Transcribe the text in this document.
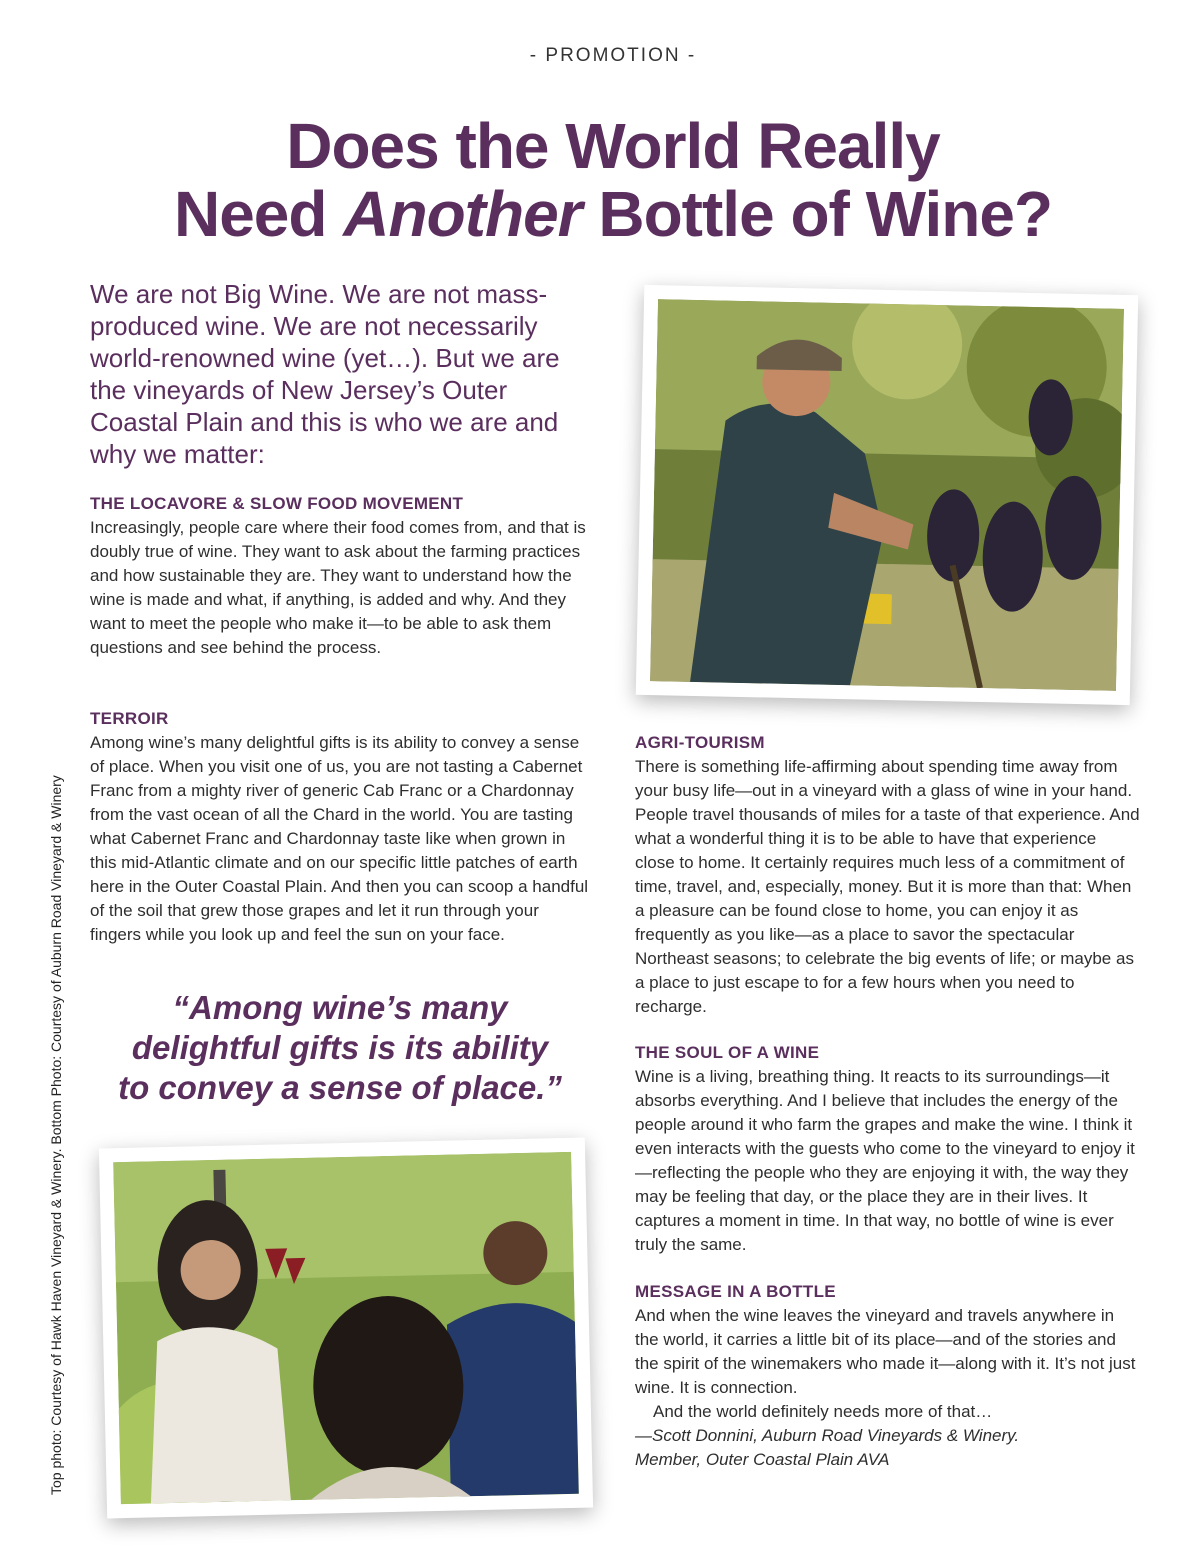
- PROMOTION -
Does the World Really
Need Another Bottle of Wine?
We are not Big Wine. We are not mass-produced wine. We are not necessarily world-renowned wine (yet…). But we are the vineyards of New Jersey’s Outer Coastal Plain and this is who we are and why we matter:
THE LOCAVORE & SLOW FOOD MOVEMENT
Increasingly, people care where their food comes from, and that is doubly true of wine. They want to ask about the farming practices and how sustainable they are. They want to understand how the wine is made and what, if anything, is added and why. And they want to meet the people who make it—to be able to ask them questions and see behind the process.
TERROIR
Among wine’s many delightful gifts is its ability to convey a sense of place. When you visit one of us, you are not tasting a Cabernet Franc from a mighty river of generic Cab Franc or a Chardonnay from the vast ocean of all the Chard in the world. You are tasting what Cabernet Franc and Chardonnay taste like when grown in this mid-Atlantic climate and on our specific little patches of earth here in the Outer Coastal Plain. And then you can scoop a handful of the soil that grew those grapes and let it run through your fingers while you look up and feel the sun on your face.
“Among wine’s many delightful gifts is its ability to convey a sense of place.”
AGRI-TOURISM
There is something life-affirming about spending time away from your busy life—out in a vineyard with a glass of wine in your hand. People travel thousands of miles for a taste of that experience. And what a wonderful thing it is to be able to have that experience close to home. It certainly requires much less of a commitment of time, travel, and, especially, money. But it is more than that: When a pleasure can be found close to home, you can enjoy it as frequently as you like—as a place to savor the spectacular Northeast seasons; to celebrate the big events of life; or maybe as a place to just escape to for a few hours when you need to recharge.
THE SOUL OF A WINE
Wine is a living, breathing thing. It reacts to its surroundings—it absorbs everything. And I believe that includes the energy of the people around it who farm the grapes and make the wine. I think it even interacts with the guests who come to the vineyard to enjoy it—reflecting the people who they are enjoying it with, the way they may be feeling that day, or the place they are in their lives. It captures a moment in time. In that way, no bottle of wine is ever truly the same.
MESSAGE IN A BOTTLE
And when the wine leaves the vineyard and travels anywhere in the world, it carries a little bit of its place—and of the stories and the spirit of the winemakers who made it—along with it. It’s not just wine. It is connection.
And the world definitely needs more of that…
—Scott Donnini, Auburn Road Vineyards & Winery.
Member, Outer Coastal Plain AVA
Top photo: Courtesy of Hawk Haven Vineyard & Winery. Bottom Photo: Courtesy of Auburn Road Vineyard & Winery
